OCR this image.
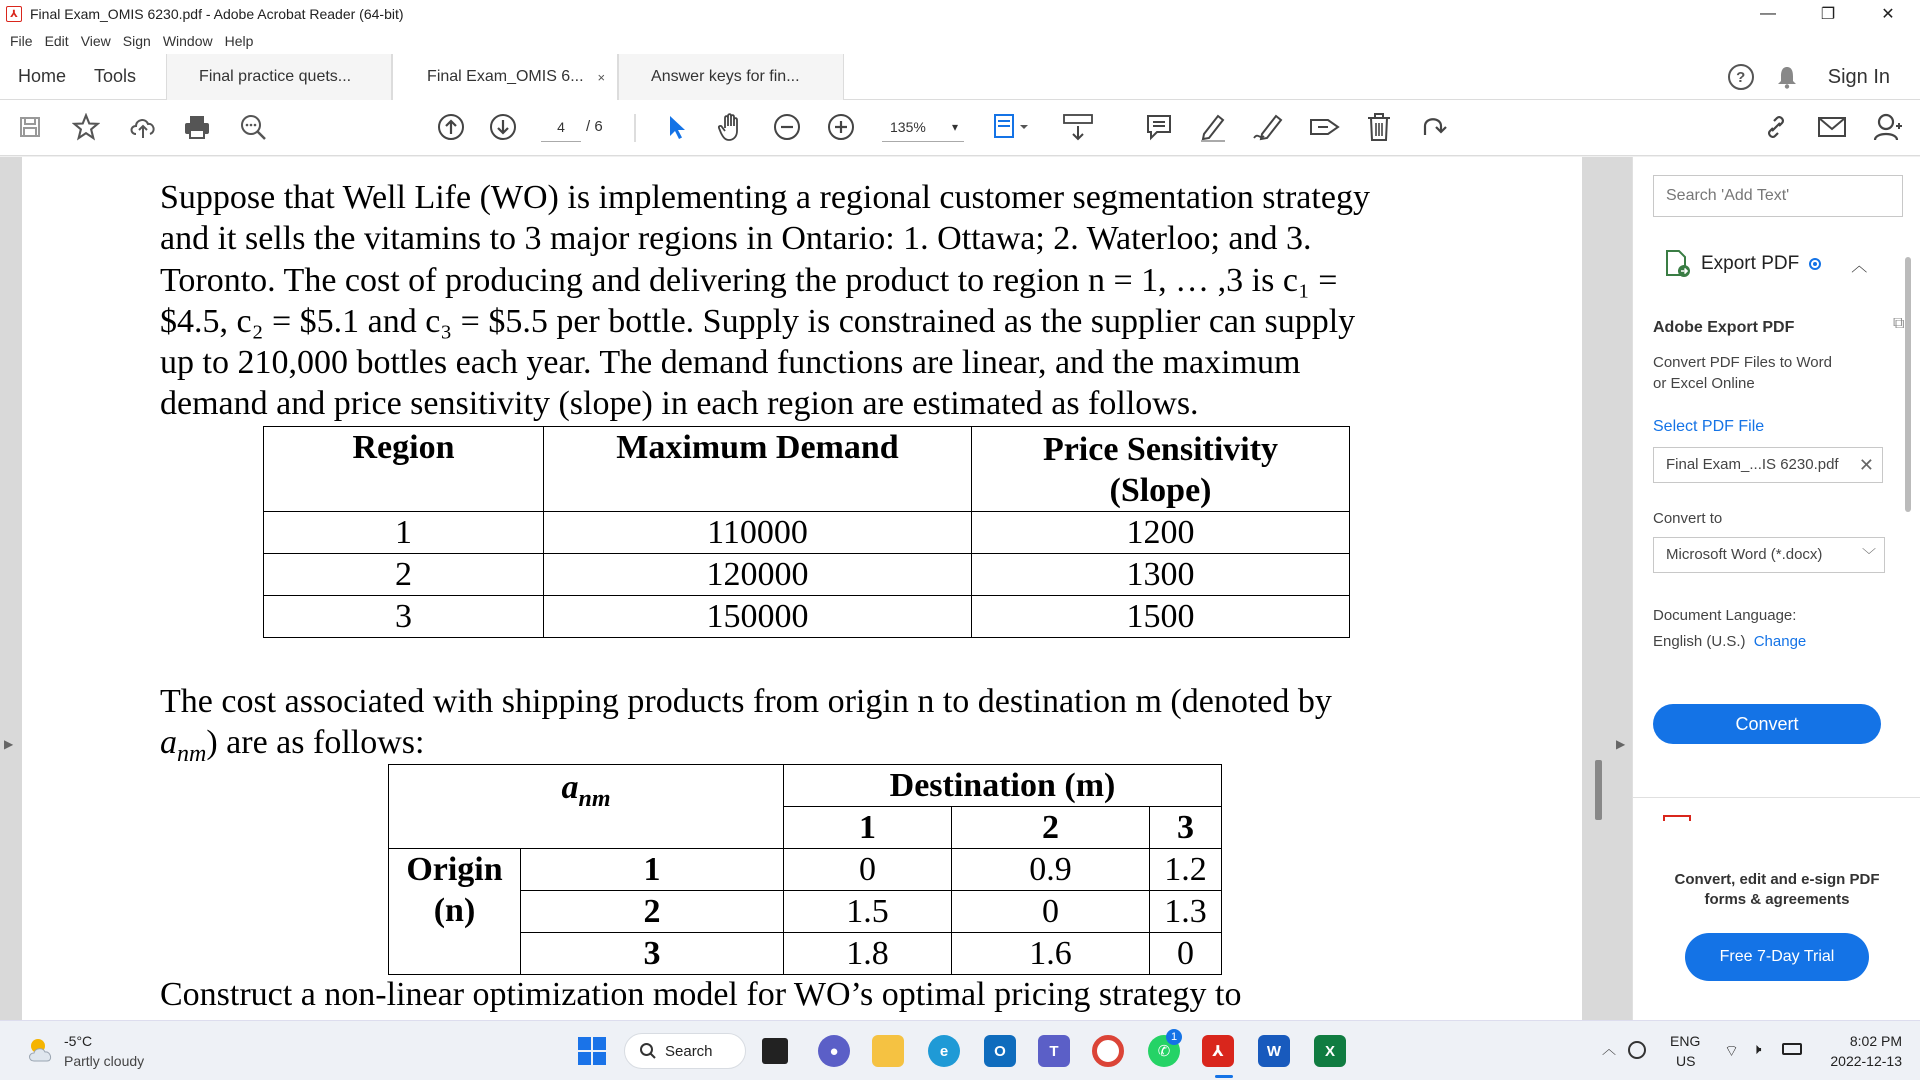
⅄ Final Exam_OMIS 6230.pdf - Adobe Acrobat Reader (64-bit)	—	❐	✕
File Edit View Sign Window Help
Home	Tools	Final practice quets...	Final Exam_OMIS 6... ×	Answer keys for fin...	?	Sign In
4	/ 6	135% ▾
Suppose that Well Life (WO) is implementing a regional customer segmentation strategy
and it sells the vitamins to 3 major regions in Ontario: 1. Ottawa; 2. Waterloo; and 3.
Toronto. The cost of producing and delivering the product to region n = 1, … ,3 is c₁ =
$4.5, c₂ = $5.1 and c₃ = $5.5 per bottle. Supply is constrained as the supplier can supply
up to 210,000 bottles each year. The demand functions are linear, and the maximum
demand and price sensitivity (slope) in each region are estimated as follows.
Region	Maximum Demand	Price Sensitivity
(Slope)

1	110000	1200
2	120000	1300
3	150000	1500
The cost associated with shipping products from origin n to destination m (denoted by
$a_{nm}$) are as follows:
$a_{nm}$		Destination (m)		
		1	2	3

Origin
(n)	1	0	0.9	1.2
	2	1.5	0	1.3
	3	1.8	1.6	0
Construct a non-linear optimization model for WO’s optimal pricing strategy to
▶	▶
Search 'Add Text'
Export PDF	︿
Adobe Export PDF	⧉
Convert PDF Files to Word
or Excel Online
Select PDF File
Final Exam_...IS 6230.pdf ✕
Convert to
Microsoft Word (*.docx)	﹀
Document Language:
English (U.S.) Change
Convert
Convert, edit and e-sign PDF
forms & agreements
Free 7-Day Trial
-5°C
Partly cloudy
Search	●	e	O	T	✆
1
⅄	W	X	︿	ENG
US
⌔ 🕨	8:02 PM
2022-12-13
